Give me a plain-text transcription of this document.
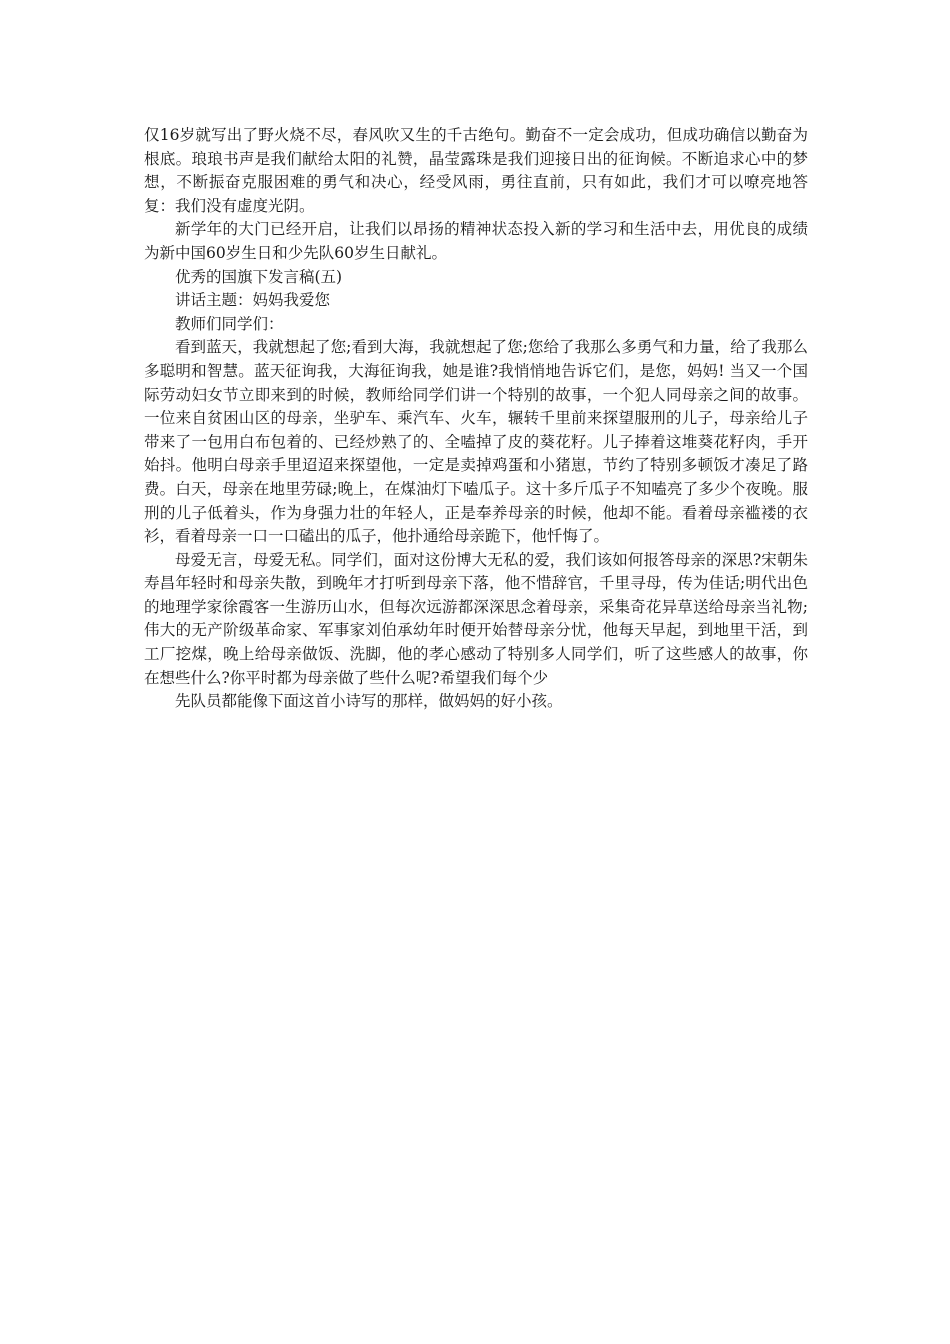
仅16岁就写出了野火烧不尽，春风吹又生的千古绝句。勤奋不一定会成功，但成功确信以勤奋为根底。琅琅书声是我们献给太阳的礼赞，晶莹露珠是我们迎接日出的征询候。不断追求心中的梦想，不断振奋克服困难的勇气和决心，经受风雨，勇往直前，只有如此，我们才可以嘹亮地答复：我们没有虚度光阴。

新学年的大门已经开启，让我们以昂扬的精神状态投入新的学习和生活中去，用优良的成绩为新中国60岁生日和少先队60岁生日献礼。

优秀的国旗下发言稿(五)

讲话主题：妈妈我爱您

教师们同学们：

看到蓝天，我就想起了您;看到大海，我就想起了您;您给了我那么多勇气和力量，给了我那么多聪明和智慧。蓝天征询我，大海征询我，她是谁?我悄悄地告诉它们，是您，妈妈! 当又一个国际劳动妇女节立即来到的时候，教师给同学们讲一个特别的故事，一个犯人同母亲之间的故事。一位来自贫困山区的母亲，坐驴车、乘汽车、火车，辗转千里前来探望服刑的儿子，母亲给儿子带来了一包用白布包着的、已经炒熟了的、全嗑掉了皮的葵花籽。儿子捧着这堆葵花籽肉，手开始抖。他明白母亲手里迢迢来探望他，一定是卖掉鸡蛋和小猪崽，节约了特别多顿饭才凑足了路费。白天，母亲在地里劳碌;晚上，在煤油灯下嗑瓜子。这十多斤瓜子不知嗑亮了多少个夜晚。服刑的儿子低着头，作为身强力壮的年轻人，正是奉养母亲的时候，他却不能。看着母亲褴褛的衣衫，看着母亲一口一口磕出的瓜子，他扑通给母亲跪下，他忏悔了。

母爱无言，母爱无私。同学们，面对这份博大无私的爱，我们该如何报答母亲的深思?宋朝朱寿昌年轻时和母亲失散，到晚年才打听到母亲下落，他不惜辞官，千里寻母，传为佳话;明代出色的地理学家徐霞客一生游历山水，但每次远游都深深思念着母亲，采集奇花异草送给母亲当礼物;伟大的无产阶级革命家、军事家刘伯承幼年时便开始替母亲分忧，他每天早起，到地里干活，到工厂挖煤，晚上给母亲做饭、洗脚，他的孝心感动了特别多人同学们，听了这些感人的故事，你在想些什么?你平时都为母亲做了些什么呢?希望我们每个少

先队员都能像下面这首小诗写的那样，做妈妈的好小孩。
